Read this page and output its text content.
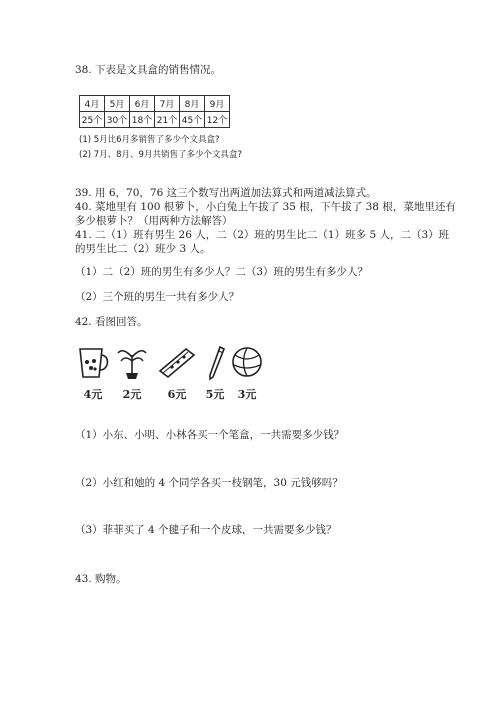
38. 下表是文具盒的销售情况。
4月	5月	6月	7月	8月	9月
25个	30个	18个	21个	45个	12个
(1) 5月比6月多销售了多少个文具盒?
(2) 7月、8月、9月共销售了多少个文具盒?
39. 用 6，70，76 这三个数写出两道加法算式和两道减法算式。
40. 菜地里有 100 根萝卜，小白兔上午拔了 35 根，下午拔了 38 根，菜地里还有
多少根萝卜？（用两种方法解答）
41. 二（1）班有男生 26 人，二（2）班的男生比二（1）班多 5 人，二（3）班
的男生比二（2）班少 3 人。
（1）二（2）班的男生有多少人？二（3）班的男生有多少人？
（2）三个班的男生一共有多少人？
42. 看图回答。
4元	2元	6元	5元	3元
（1）小东、小明、小林各买一个笔盒，一共需要多少钱？
（2）小红和她的 4 个同学各买一枝钢笔，30 元钱够吗？
（3）菲菲买了 4 个毽子和一个皮球，一共需要多少钱？
43. 购物。
